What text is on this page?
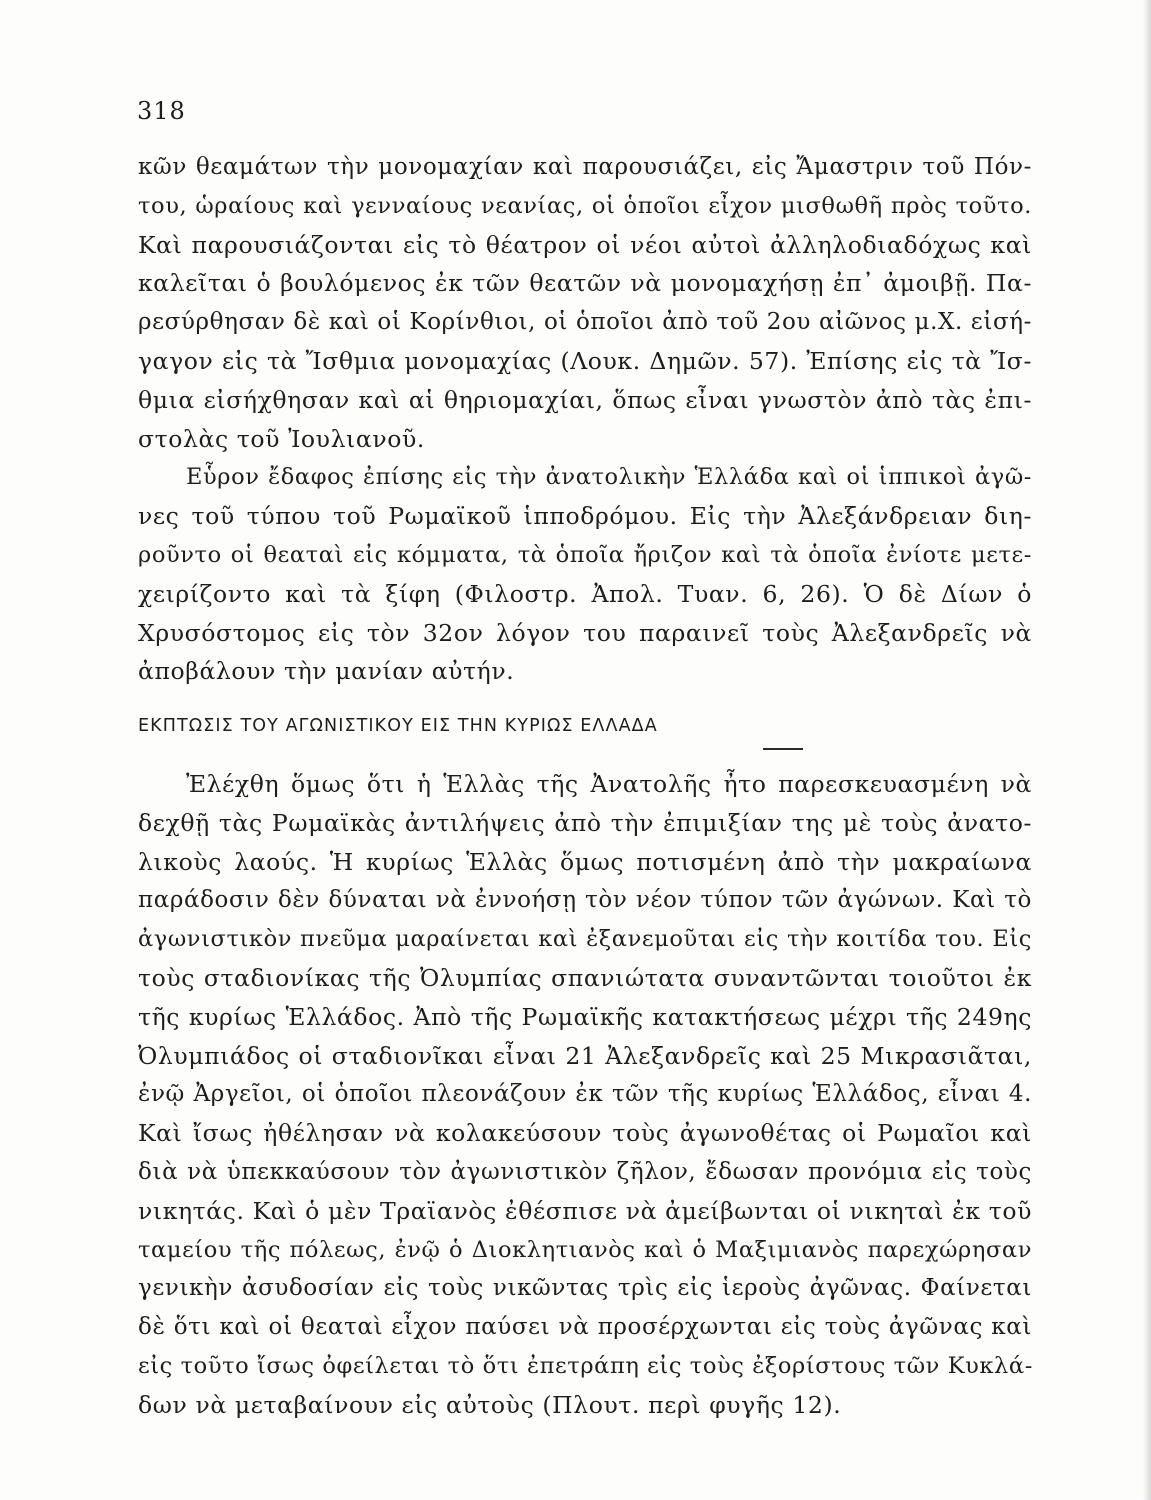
318
κῶν θεαμάτων τὴν μονομαχίαν καὶ παρουσιάζει, εἰς Ἄμαστριν τοῦ Πόν-
του, ὡραίους καὶ γενναίους νεανίας, οἱ ὁποῖοι εἶχον μισθωθῆ πρὸς τοῦτο.
Καὶ παρουσιάζονται εἰς τὸ θέατρον οἱ νέοι αὐτοὶ ἀλληλοδιαδόχως καὶ
καλεῖται ὁ βουλόμενος ἐκ τῶν θεατῶν νὰ μονομαχήσῃ ἐπ᾽ ἀμοιβῇ. Πα-
ρεσύρθησαν δὲ καὶ οἱ Κορίνθιοι, οἱ ὁποῖοι ἀπὸ τοῦ 2ου αἰῶνος μ.Χ. εἰσή-
γαγον εἰς τὰ Ἴσθμια μονομαχίας (Λουκ. Δημῶν. 57). Ἐπίσης εἰς τὰ Ἴσ-
θμια εἰσήχθησαν καὶ αἱ θηριομαχίαι, ὅπως εἶναι γνωστὸν ἀπὸ τὰς ἐπι-
στολὰς τοῦ Ἰουλιανοῦ.
Εὗρον ἔδαφος ἐπίσης εἰς τὴν ἀνατολικὴν Ἑλλάδα καὶ οἱ ἱππικοὶ ἀγῶ-
νες τοῦ τύπου τοῦ Ρωμαϊκοῦ ἱπποδρόμου. Εἰς τὴν Ἀλεξάνδρειαν διη-
ροῦντο οἱ θεαταὶ εἰς κόμματα, τὰ ὁποῖα ἤριζον καὶ τὰ ὁποῖα ἐνίοτε μετε-
χειρίζοντο καὶ τὰ ξίφη (Φιλοστρ. Ἀπολ. Τυαν. 6, 26). Ὁ δὲ Δίων ὁ
Χρυσόστομος εἰς τὸν 32ον λόγον του παραινεῖ τοὺς Ἀλεξανδρεῖς νὰ
ἀποβάλουν τὴν μανίαν αὐτήν.
ΕΚΠΤΩΣΙΣ ΤΟΥ ΑΓΩΝΙΣΤΙΚΟΥ ΕΙΣ ΤΗΝ ΚΥΡΙΩΣ ΕΛΛΑΔΑ
Ἐλέχθη ὅμως ὅτι ἡ Ἑλλὰς τῆς Ἀνατολῆς ἦτο παρεσκευασμένη νὰ
δεχθῇ τὰς Ρωμαϊκὰς ἀντιλήψεις ἀπὸ τὴν ἐπιμιξίαν της μὲ τοὺς ἀνατο-
λικοὺς λαούς. Ἡ κυρίως Ἑλλὰς ὅμως ποτισμένη ἀπὸ τὴν μακραίωνα
παράδοσιν δὲν δύναται νὰ ἐννοήσῃ τὸν νέον τύπον τῶν ἀγώνων. Καὶ τὸ
ἀγωνιστικὸν πνεῦμα μαραίνεται καὶ ἐξανεμοῦται εἰς τὴν κοιτίδα του. Εἰς
τοὺς σταδιονίκας τῆς Ὀλυμπίας σπανιώτατα συναντῶνται τοιοῦτοι ἐκ
τῆς κυρίως Ἑλλάδος. Ἀπὸ τῆς Ρωμαϊκῆς κατακτήσεως μέχρι τῆς 249ης
Ὀλυμπιάδος οἱ σταδιονῖκαι εἶναι 21 Ἀλεξανδρεῖς καὶ 25 Μικρασιᾶται,
ἐνῷ Ἀργεῖοι, οἱ ὁποῖοι πλεονάζουν ἐκ τῶν τῆς κυρίως Ἑλλάδος, εἶναι 4.
Καὶ ἴσως ἠθέλησαν νὰ κολακεύσουν τοὺς ἀγωνοθέτας οἱ Ρωμαῖοι καὶ
διὰ νὰ ὑπεκκαύσουν τὸν ἀγωνιστικὸν ζῆλον, ἔδωσαν προνόμια εἰς τοὺς
νικητάς. Καὶ ὁ μὲν Τραϊανὸς ἐθέσπισε νὰ ἀμείβωνται οἱ νικηταὶ ἐκ τοῦ
ταμείου τῆς πόλεως, ἐνῷ ὁ Διοκλητιανὸς καὶ ὁ Μαξιμιανὸς παρεχώρησαν
γενικὴν ἀσυδοσίαν εἰς τοὺς νικῶντας τρὶς εἰς ἱεροὺς ἀγῶνας. Φαίνεται
δὲ ὅτι καὶ οἱ θεαταὶ εἶχον παύσει νὰ προσέρχωνται εἰς τοὺς ἀγῶνας καὶ
εἰς τοῦτο ἴσως ὀφείλεται τὸ ὅτι ἐπετράπη εἰς τοὺς ἐξορίστους τῶν Κυκλά-
δων νὰ μεταβαίνουν εἰς αὐτοὺς (Πλουτ. περὶ φυγῆς 12).
